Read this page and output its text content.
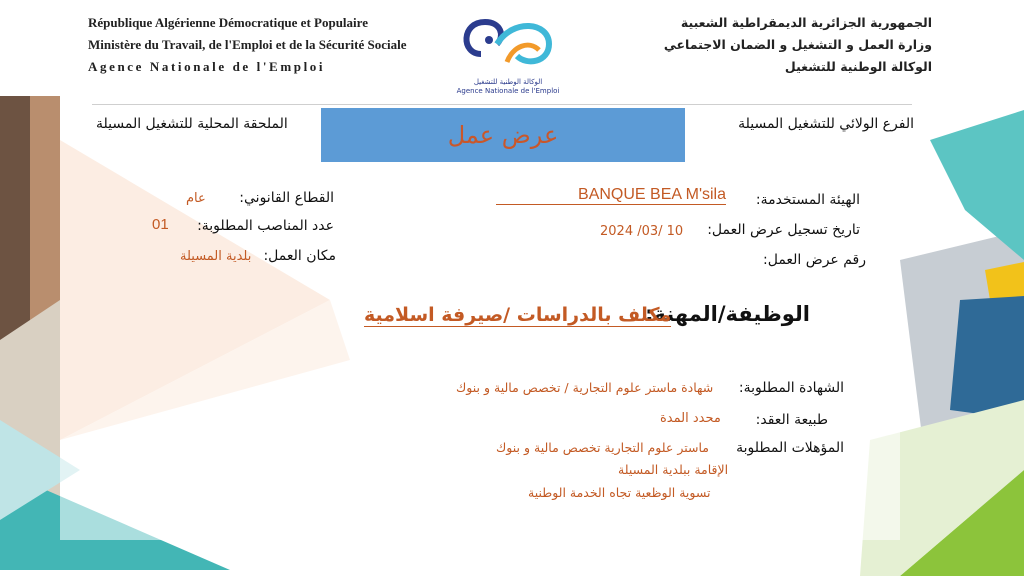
République Algérienne Démocratique et Populaire
Ministère du Travail, de l'Emploi et de la Sécurité Sociale
Agence Nationale de l'Emploi
الوكالة الوطنية للتشغيل
Agence Nationale de l'Emploi
الجمهورية الجزائرية الديمقراطية الشعبية
وزارة العمل و التشغيل و الضمان الاجتماعي
الوكالة الوطنية للتشغيل
الفرع الولائي للتشغيل المسيلة
عرض عمل
الملحقة المحلية للتشغيل المسيلة
الهيئة المستخدمة:
BANQUE BEA M'sila
تاريخ تسجيل عرض العمل:
2024 /03/ 10
رقم عرض العمل:
القطاع القانوني:
عام
عدد المناصب المطلوبة:
01
مكان العمل:
بلدية المسيلة
الوظيفة/المهنة:
مكلف بالدراسات /صيرفة اسلامية
الشهادة المطلوبة:
شهادة ماستر علوم التجارية / تخصص مالية و بنوك
طبيعة العقد:
محدد المدة
المؤهلات المطلوبة
ماستر علوم التجارية تخصص مالية و بنوك
الإقامة ببلدية المسيلة
تسوية الوظعية تجاه الخدمة الوطنية
